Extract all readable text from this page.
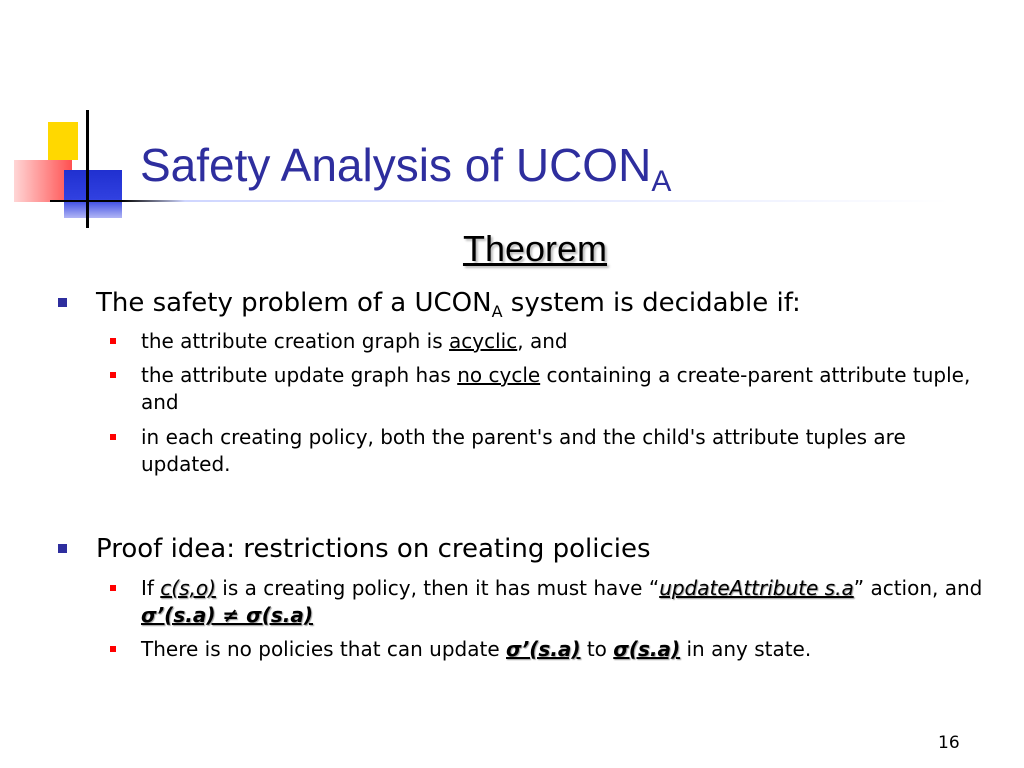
Safety Analysis of $UCON_A$
Theorem
The safety problem of a $UCON_A$ system is decidable if:
the attribute creation graph is acyclic, and
the attribute update graph has no cycle containing a create-parent attribute tuple, and
in each creating policy, both the parent's and the child's attribute tuples are updated.
Proof idea: restrictions on creating policies
If c(s,o) is a creating policy, then it has must have “updateAttribute s.a” action, and σ’(s.a) ≠ σ(s.a)
There is no policies that can update σ’(s.a) to σ(s.a) in any state.
16
